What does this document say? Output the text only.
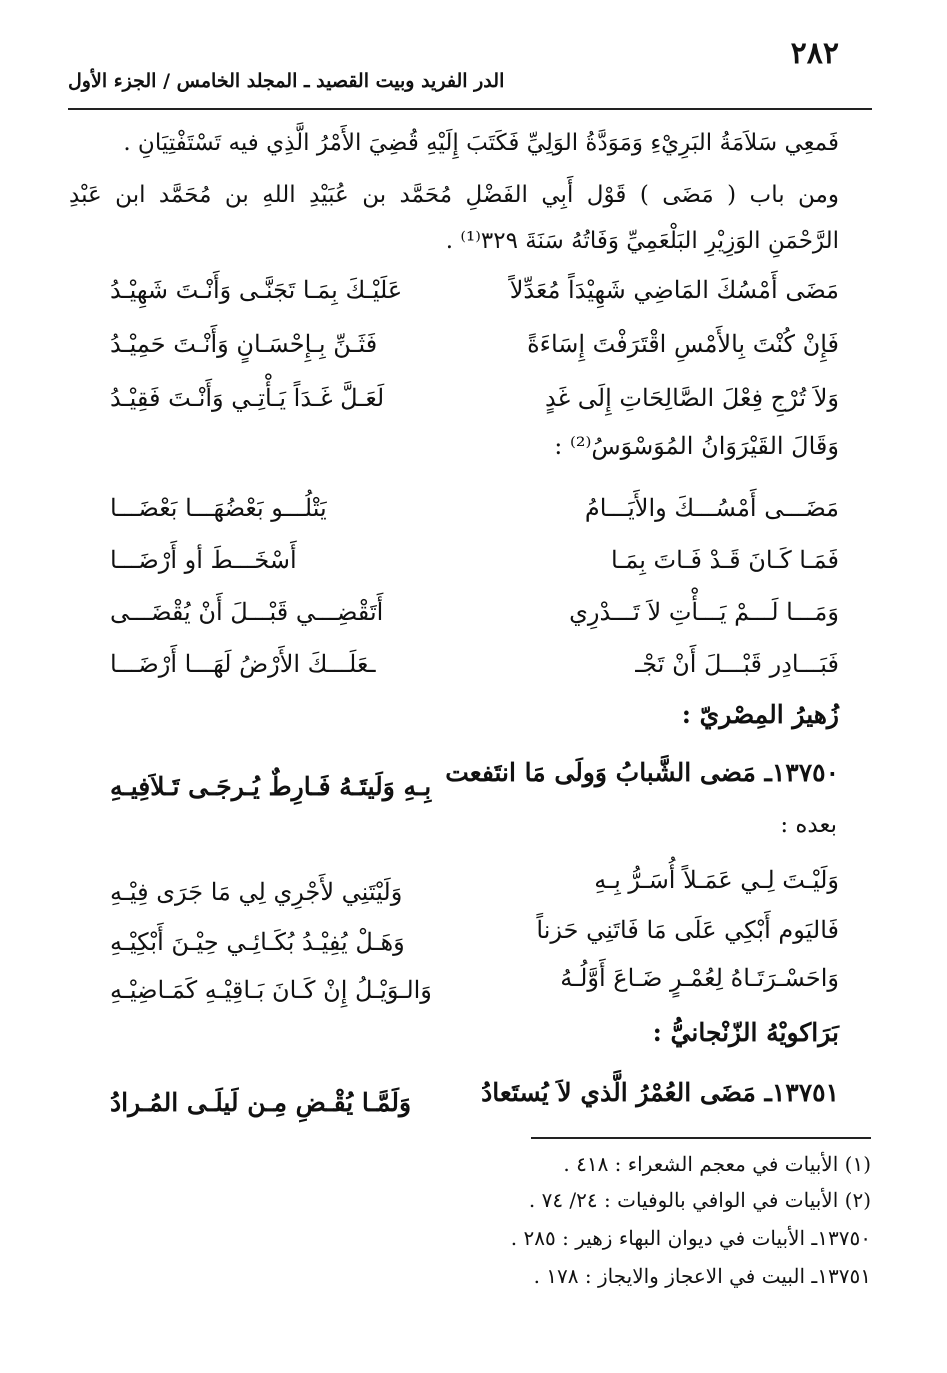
٢٨٢
الدر الفريد وبيت القصيد ـ المجلد الخامس / الجزء الأول
فَمعِي سَلاَمَةُ البَرِيْءِ وَمَوَدَّةُ الوَلِيِّ فَكَتَبَ إِلَيْهِ قُضِيَ الأَمْرُ الَّذِي فيه تَسْتَفْتِيَانِ .
ومن باب ( مَضَى ) قَوْل أَبِي الفَضْلِ مُحَمَّد بن عُبَيْدِ اللهِ بن مُحَمَّد ابن عَبْدِ
الرَّحْمَنِ الوَزِيْرِ البَلْعَمِيِّ وَفَاتُهُ سَنَةَ ٣٢٩⁽¹⁾ .
مَضَى أَمْسُكَ المَاضِي شَهِيْدَاً مُعَدِّلاً
عَلَيْـكَ بِمَـا تَجَنَّـى وَأَنْـتَ شَهِيْـدُ
فَإِنْ كُنْتَ بِالأَمْسِ اقْتَرَفْتَ إِسَاءَةً
فَثَـنِّ بِـإِحْسَـانٍ وَأَنْـتَ حَمِيْـدُ
وَلاَ تُرْجِ فِعْلَ الصَّالِحَاتِ إِلَى غَدٍ
لَعَـلَّ غَـدَاً يَـأْتِـي وَأَنْـتَ فَقِيْـدُ
وَقَالَ القَيْرَوَانُ المُوَسْوَسُ⁽²⁾ :
مَضَـــى أَمْسُـــكَ والأَيَـــامُ
يَتْلُـــو بَعْضُهَـــا بَعْضَـــا
فَمَـا كَـانَ قَـدْ فَـاتَ بِمَـا
أَسْخَـــطَ أو أَرْضَـــا
وَمَـــا لَـــمْ يَـــأْتِ لاَ تَـــدْرِي
أَتَقْضِـــي قَبْـــلَ أَنْ يُقْضَـــى
فَبَـــادِر قَبْـــلَ أَنْ تَجْـ
ـعَلَـــكَ الأَرْضُ لَهَـــا أَرْضَـــا
زُهيرُ المِصْريّ :
١٣٧٥٠ـ مَضى الشَّبابُ وَولَى مَا انتَفعت
بِـهِ وَلَيتَـهُ فَـارِطٌ يُـرجَـى تَـلاَفِيـهِ
بعده :
وَلَيْـتَ لِـي عَمَـلاً أُسَـرُّ بِـهِ
وَلَيْتَنِي لأَجْرِي لِي مَا جَرَى فِيْـهِ
فَاليَوم أَبْكِي عَلَى مَا فَاتَنِي حَزناً
وَهَـلْ يُفِيْـدُ بُكَـائِـي حِيْـنَ أَبْكِيْـهِ
وَاحَسْـرَتَـاهُ لِعُمْـرٍ ضَـاعَ أَوَّلُـهُ
وَالـوَيْـلُ إِنْ كَـانَ بَـاقِيْـهِ كَمَـاضِيْـهِ
بَرَاكويْهُ الزّنْجانيُّ :
١٣٧٥١ـ مَضَى العُمْرُ الَّذي لاَ يُستَعادُ
وَلَمَّـا يُقْـضِ مِـن لَيلَـى المُـرادُ
(١) الأبيات في معجم الشعراء : ٤١٨ .
(٢) الأبيات في الوافي بالوفيات : ٢٤/ ٧٤ .
١٣٧٥٠ـ الأبيات في ديوان البهاء زهير : ٢٨٥ .
١٣٧٥١ـ البيت في الاعجاز والايجاز : ١٧٨ .
